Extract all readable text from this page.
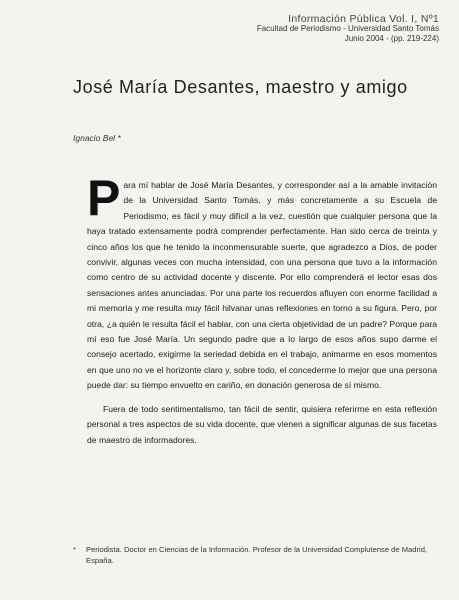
Información Pública Vol. I, Nº1
Facultad de Periodismo - Universidad Santo Tomás
Junio 2004 - (pp. 219-224)
José María Desantes, maestro y amigo
Ignacio Bel *

Para mí hablar de José María Desantes, y corresponder así a la amable invitación de la Universidad Santo Tomás, y más concretamente a su Escuela de Periodismo, es fácil y muy difícil a la vez, cuestión que cualquier persona que la haya tratado extensamente podrá comprender perfectamente. Han sido cerca de treinta y cinco años los que he tenido la inconmensurable suerte, que agradezco a Dios, de poder convivir, algunas veces con mucha intensidad, con una persona que tuvo a la información como centro de su actividad docente y discente. Por ello comprenderá el lector esas dos sensaciones antes anunciadas. Por una parte los recuerdos afluyen con enorme facilidad a mi memoria y me resulta muy fácil hilvanar unas reflexiones en torno a su figura. Pero, por otra, ¿a quién le resulta fácil el hablar, con una cierta objetividad de un padre? Porque para mí eso fue José María. Un segundo padre que a lo largo de esos años supo darme el consejo acertado, exigirme la seriedad debida en el trabajo, animarme en esos momentos en que uno no ve el horizonte claro y, sobre todo, el concederme lo mejor que una persona puede dar: su tiempo envuelto en cariño, en donación generosa de sí mismo.

Fuera de todo sentimentalismo, tan fácil de sentir, quisiera referirme en esta reflexión personal a tres aspectos de su vida docente, que vienen a significar algunas de sus facetas de maestro de informadores.

*	Periodista. Doctor en Ciencias de la Información. Profesor de la Universidad Complutense de Madrid, España.
